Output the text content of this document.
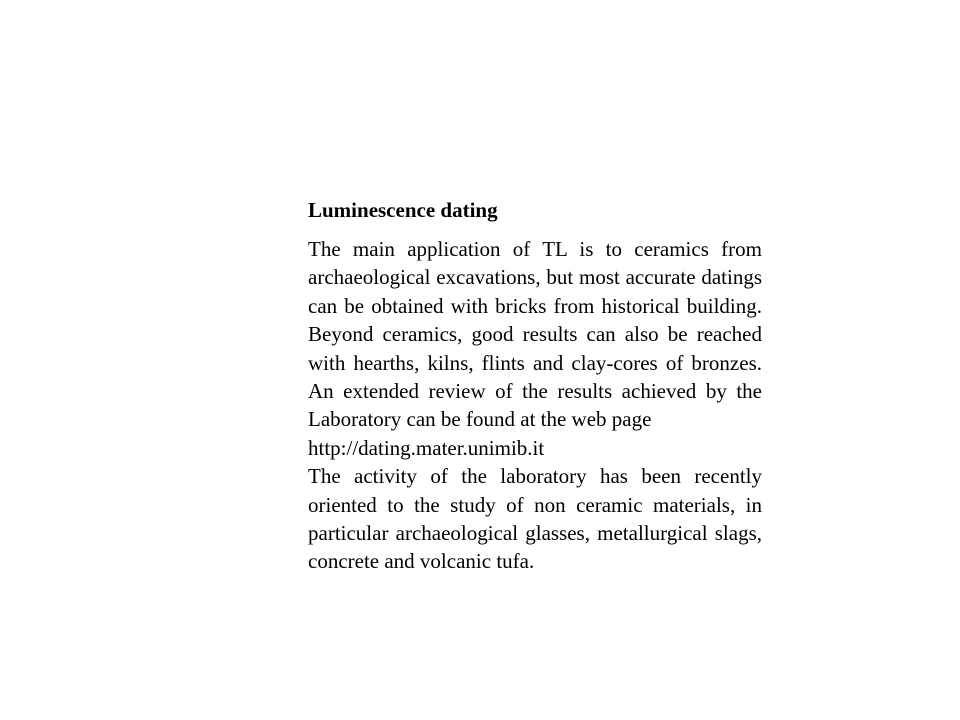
Luminescence dating

The main application of TL is to ceramics from archaeological excavations, but most accurate datings can be obtained with bricks from historical building. Beyond ceramics, good results can also be reached with hearths, kilns, flints and clay-cores of bronzes. An extended review of the results achieved by the Laboratory can be found at the web page
http://dating.mater.unimib.it

The activity of the laboratory has been recently oriented to the study of non ceramic materials, in particular archaeological glasses, metallurgical slags, concrete and volcanic tufa.
